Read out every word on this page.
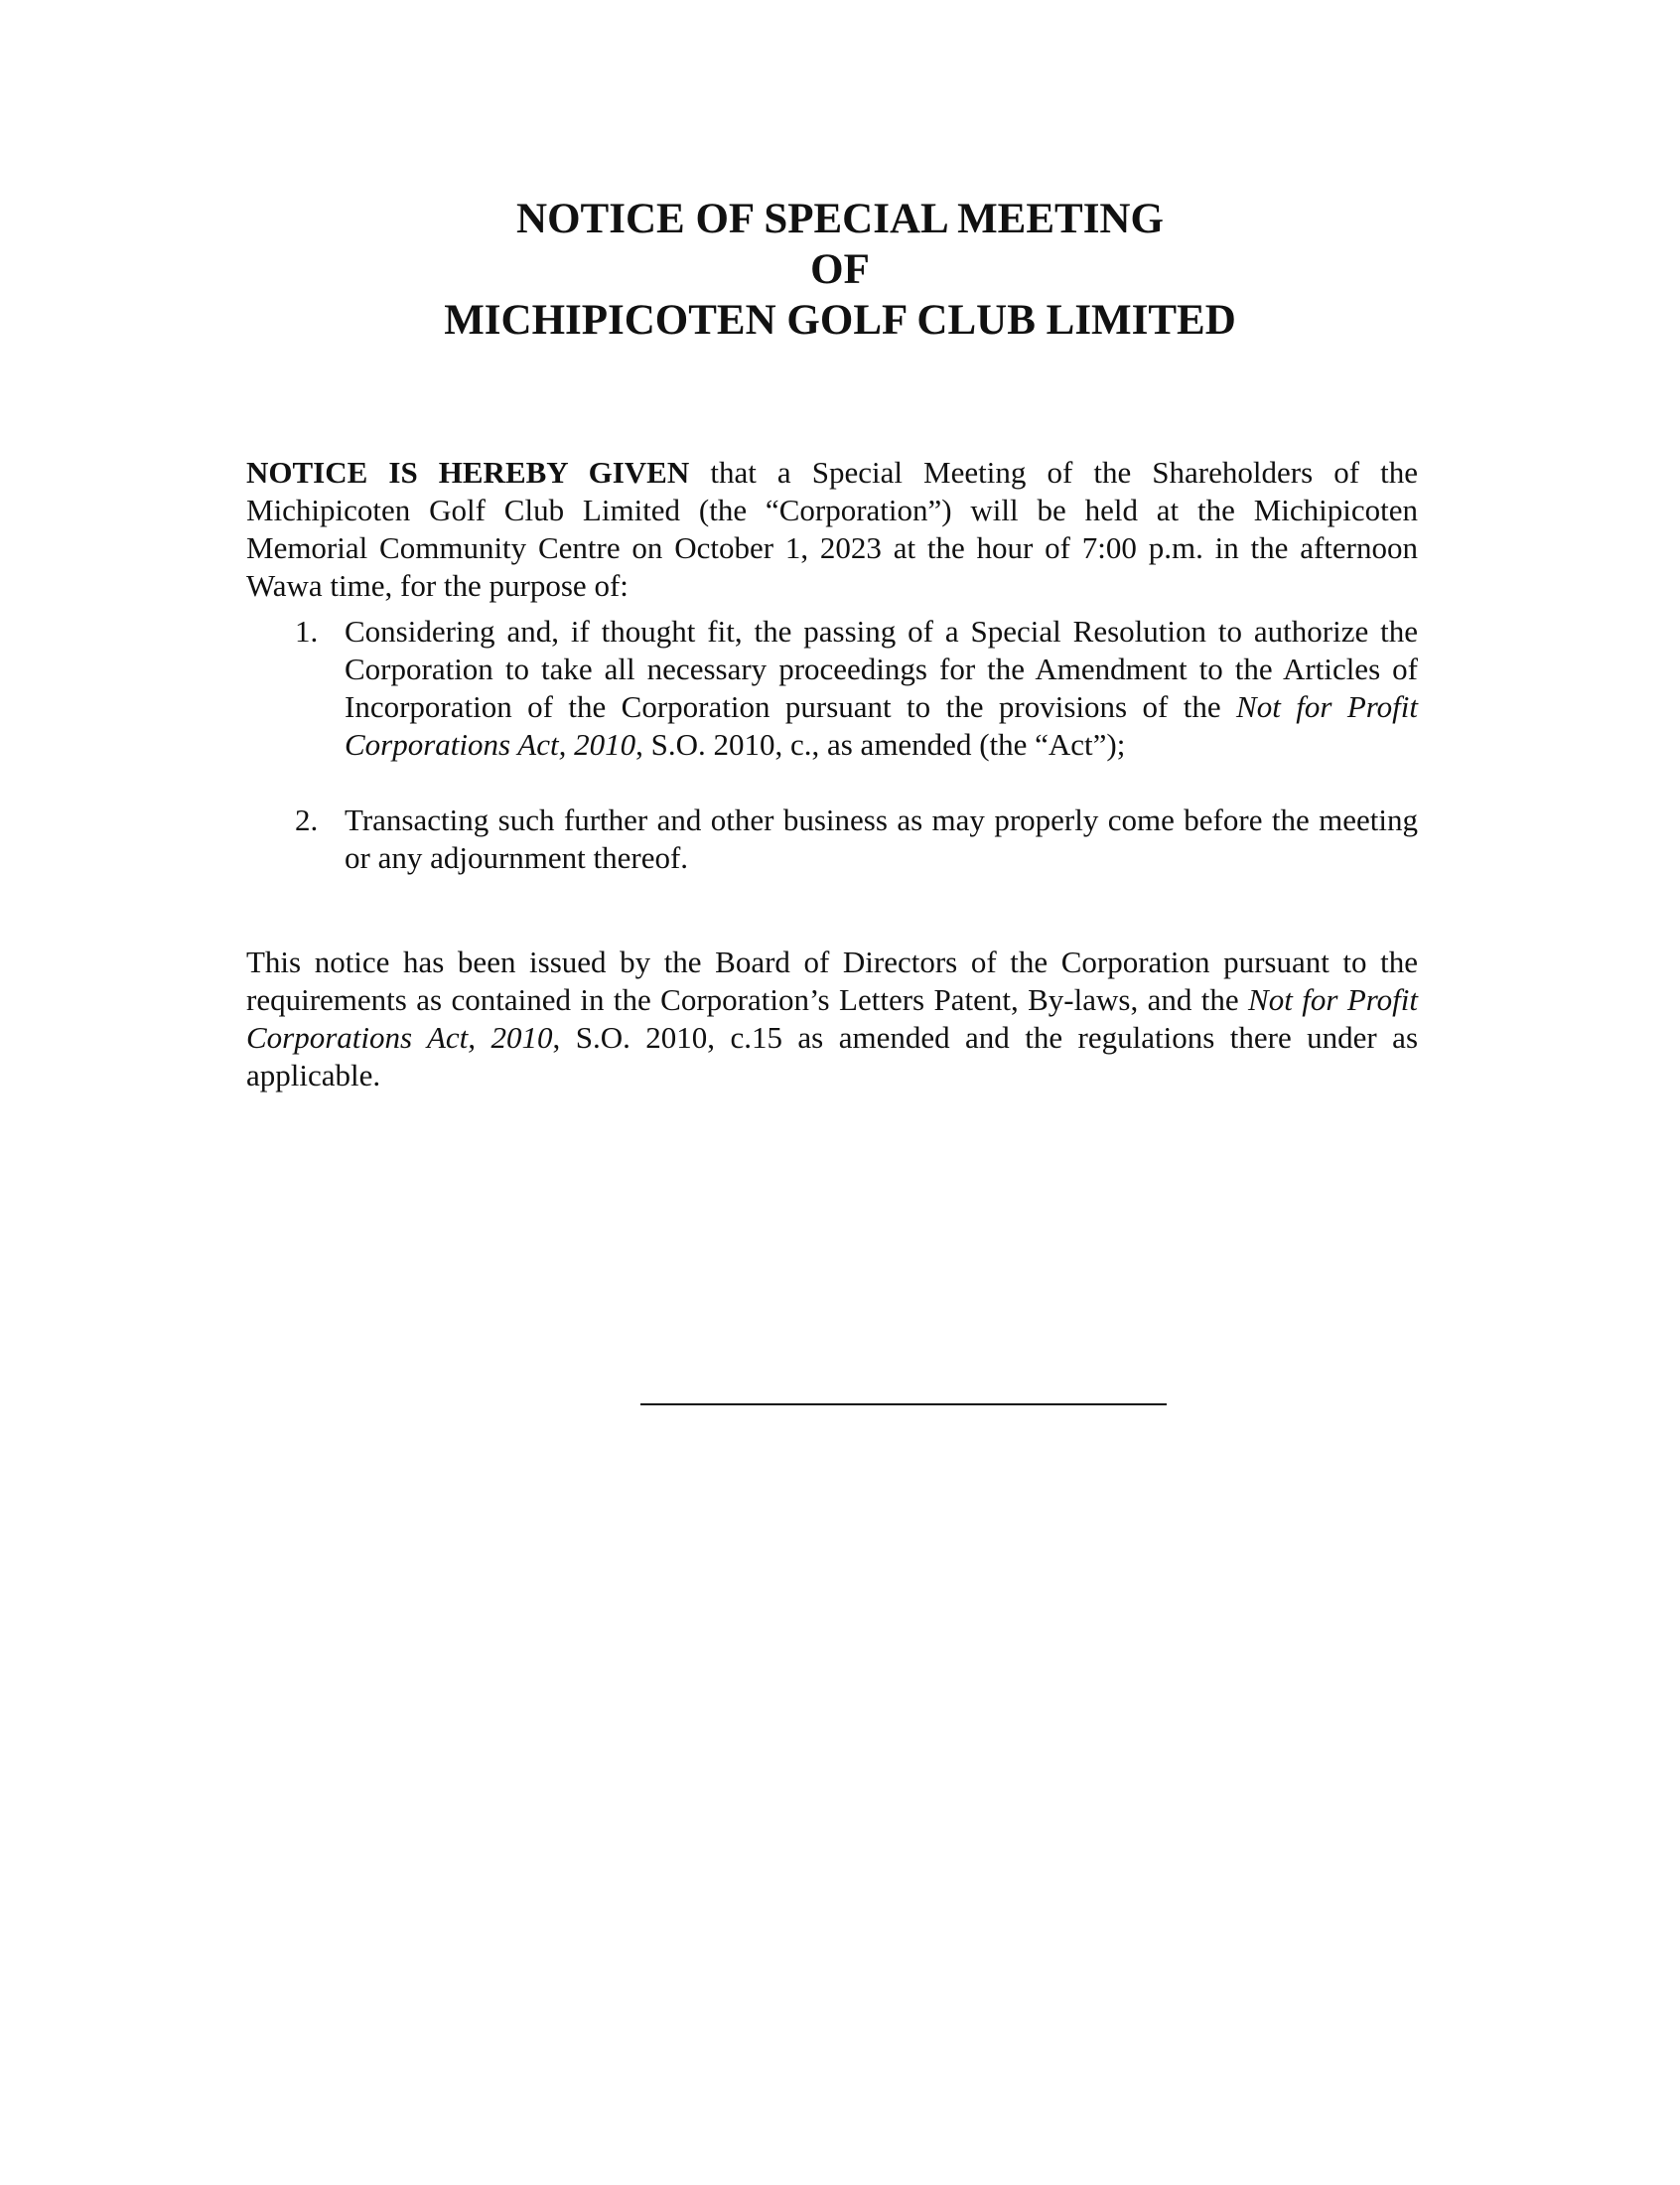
NOTICE OF SPECIAL MEETING
OF
MICHIPICOTEN GOLF CLUB LIMITED

NOTICE IS HEREBY GIVEN that a Special Meeting of the Shareholders of the Michipicoten Golf Club Limited (the “Corporation”) will be held at the Michipicoten Memorial Community Centre on October 1, 2023 at the hour of 7:00 p.m. in the afternoon Wawa time, for the purpose of:

1. Considering and, if thought fit, the passing of a Special Resolution to authorize the Corporation to take all necessary proceedings for the Amendment to the Articles of Incorporation of the Corporation pursuant to the provisions of the Not for Profit Corporations Act, 2010, S.O. 2010, c., as amended (the “Act”);
2. Transacting such further and other business as may properly come before the meeting or any adjournment thereof.

This notice has been issued by the Board of Directors of the Corporation pursuant to the requirements as contained in the Corporation’s Letters Patent, By-laws, and the Not for Profit Corporations Act, 2010, S.O. 2010, c.15 as amended and the regulations there under as applicable.
